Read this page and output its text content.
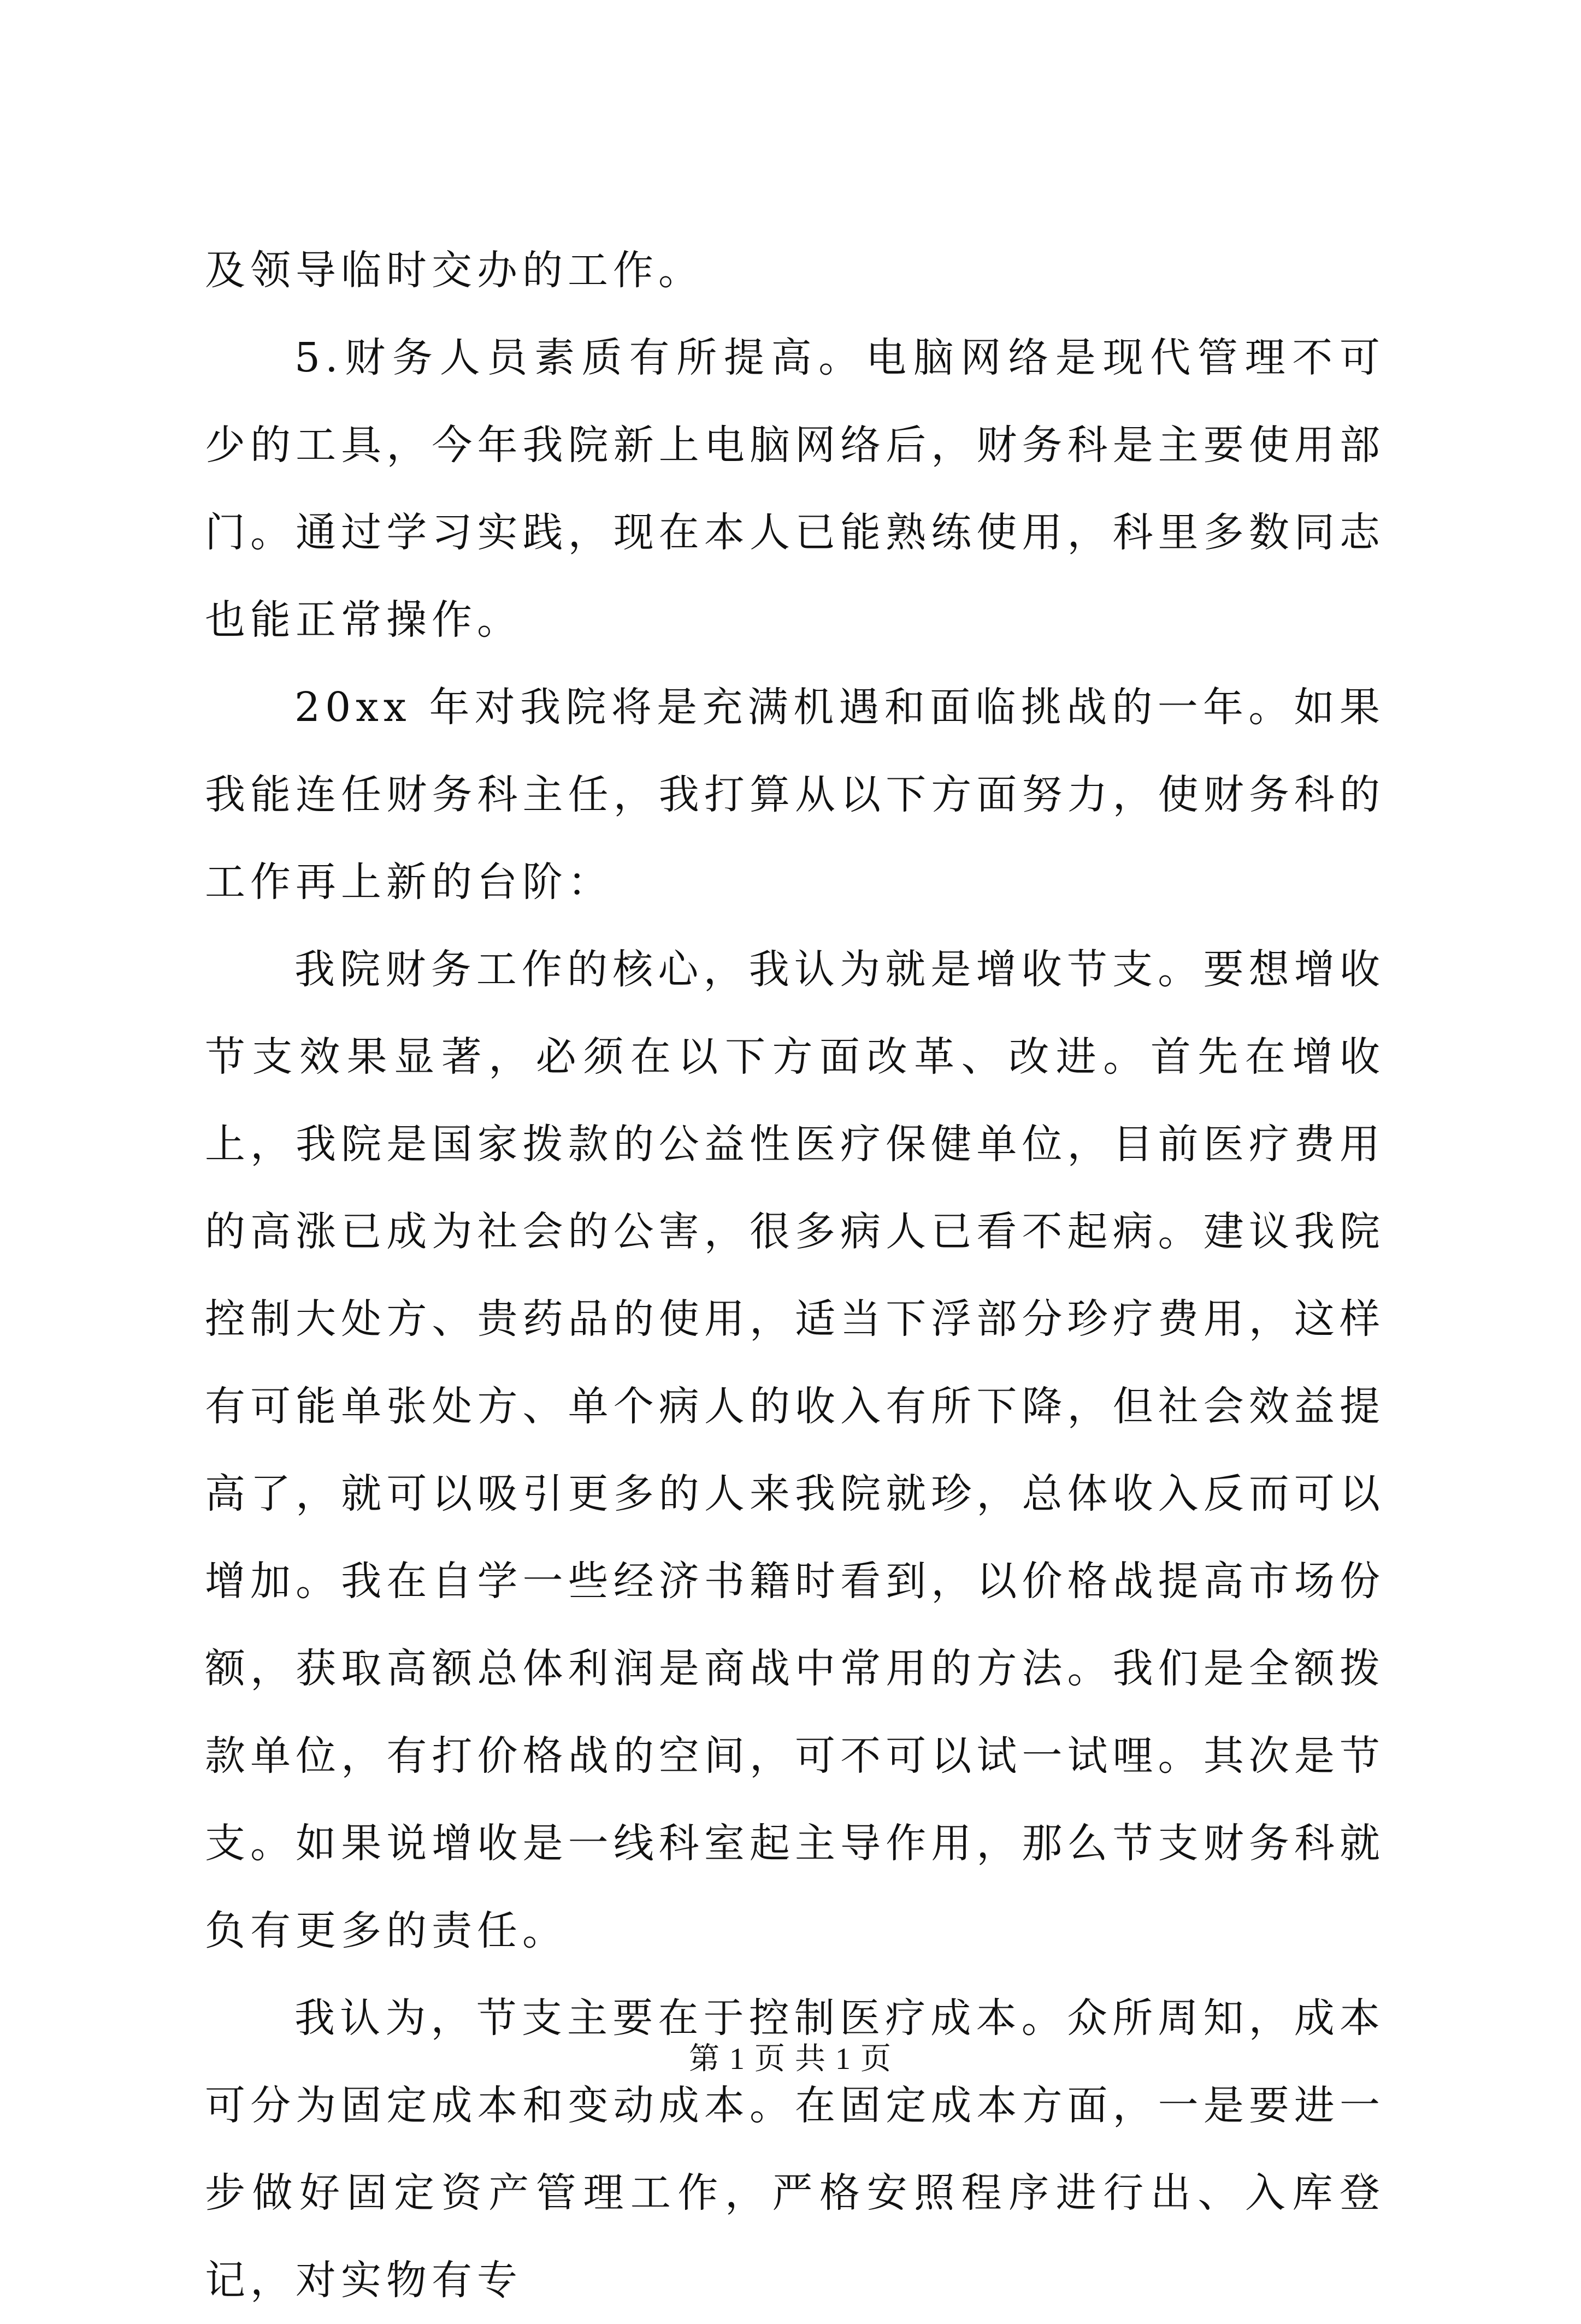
及领导临时交办的工作。

5.财务人员素质有所提高。电脑网络是现代管理不可少的工具，今年我院新上电脑网络后，财务科是主要使用部门。通过学习实践，现在本人已能熟练使用，科里多数同志也能正常操作。

20xx 年对我院将是充满机遇和面临挑战的一年。如果我能连任财务科主任，我打算从以下方面努力，使财务科的工作再上新的台阶：

我院财务工作的核心，我认为就是增收节支。要想增收节支效果显著，必须在以下方面改革、改进。首先在增收上，我院是国家拨款的公益性医疗保健单位，目前医疗费用的高涨已成为社会的公害，很多病人已看不起病。建议我院控制大处方、贵药品的使用，适当下浮部分珍疗费用，这样有可能单张处方、单个病人的收入有所下降，但社会效益提高了，就可以吸引更多的人来我院就珍，总体收入反而可以增加。我在自学一些经济书籍时看到，以价格战提高市场份额，获取高额总体利润是商战中常用的方法。我们是全额拨款单位，有打价格战的空间，可不可以试一试哩。其次是节支。如果说增收是一线科室起主导作用，那么节支财务科就负有更多的责任。

我认为，节支主要在于控制医疗成本。众所周知，成本可分为固定成本和变动成本。在固定成本方面，一是要进一步做好固定资产管理工作，严格安照程序进行出、入库登记，对实物有专

第 1 页 共 1 页
